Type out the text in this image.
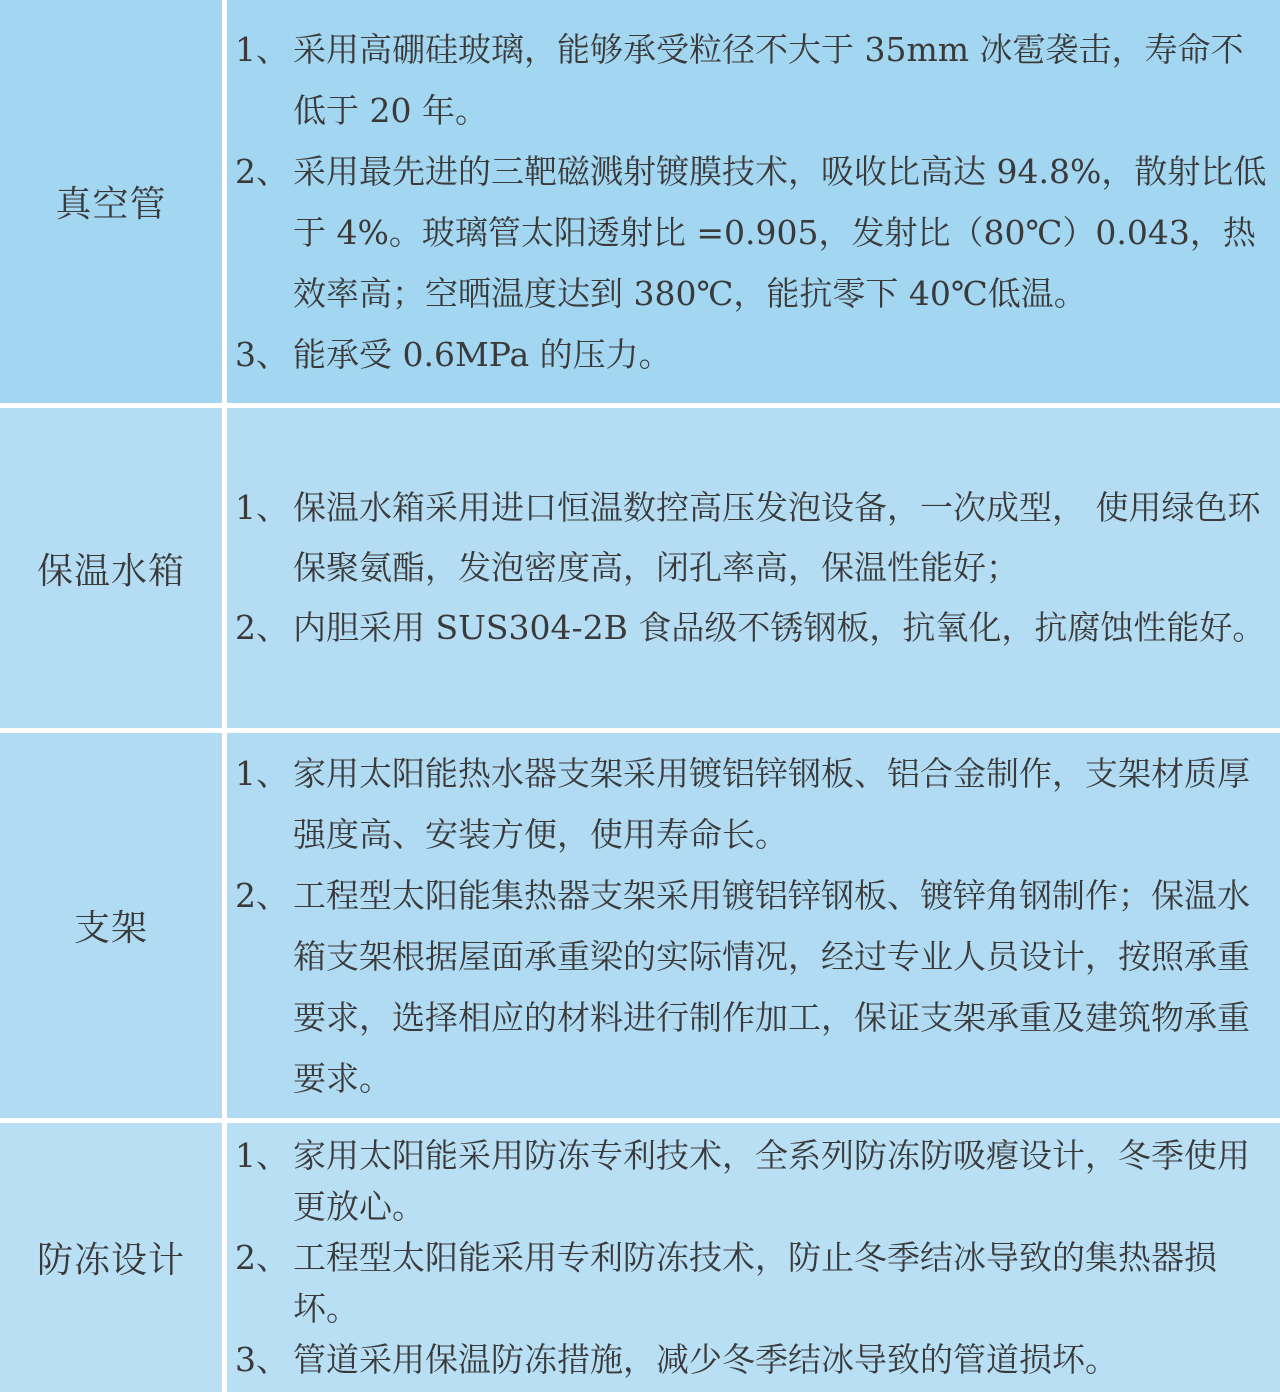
真空管
1、 采用高硼硅玻璃，能够承受粒径不大于 35mm 冰雹袭击，寿命不低于 20 年。
2、 采用最先进的三靶磁溅射镀膜技术，吸收比高达 94.8%，散射比低于 4%。玻璃管太阳透射比 =0.905，发射比（80℃）0.043，热效率高；空晒温度达到 380℃，能抗零下 40℃低温。
3、 能承受 0.6MPa 的压力。
保温水箱
1、 保温水箱采用进口恒温数控高压发泡设备，一次成型， 使用绿色环保聚氨酯，发泡密度高，闭孔率高，保温性能好；
2、 内胆采用 SUS304-2B 食品级不锈钢板，抗氧化，抗腐蚀性能好。
支架
1、 家用太阳能热水器支架采用镀铝锌钢板、铝合金制作，支架材质厚强度高、安装方便，使用寿命长。
2、 工程型太阳能集热器支架采用镀铝锌钢板、镀锌角钢制作；保温水箱支架根据屋面承重梁的实际情况，经过专业人员设计，按照承重要求，选择相应的材料进行制作加工，保证支架承重及建筑物承重要求。
防冻设计
1、 家用太阳能采用防冻专利技术，全系列防冻防吸瘪设计，冬季使用更放心。
2、 工程型太阳能采用专利防冻技术，防止冬季结冰导致的集热器损坏。
3、 管道采用保温防冻措施，减少冬季结冰导致的管道损坏。
